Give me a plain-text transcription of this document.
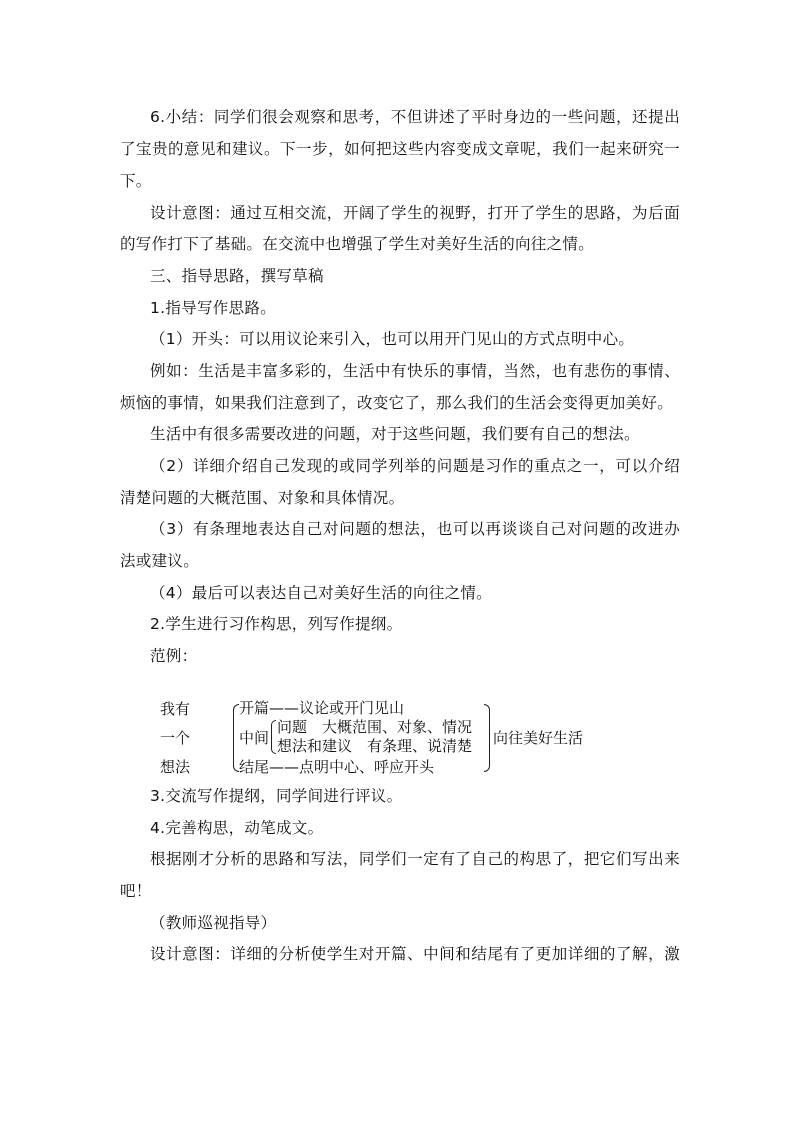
6.小结：同学们很会观察和思考，不但讲述了平时身边的一些问题，还提出
了宝贵的意见和建议。下一步，如何把这些内容变成文章呢，我们一起来研究一
下。
设计意图：通过互相交流，开阔了学生的视野，打开了学生的思路，为后面
的写作打下了基础。在交流中也增强了学生对美好生活的向往之情。
三、指导思路，撰写草稿
1.指导写作思路。
（1）开头：可以用议论来引入，也可以用开门见山的方式点明中心。
例如：生活是丰富多彩的，生活中有快乐的事情，当然，也有悲伤的事情、
烦恼的事情，如果我们注意到了，改变它了，那么我们的生活会变得更加美好。
生活中有很多需要改进的问题，对于这些问题，我们要有自己的想法。
（2）详细介绍自己发现的或同学列举的问题是习作的重点之一，可以介绍
清楚问题的大概范围、对象和具体情况。
（3）有条理地表达自己对问题的想法，也可以再谈谈自己对问题的改进办
法或建议。
（4）最后可以表达自己对美好生活的向往之情。
2.学生进行习作构思，列写作提纲。
范例：
我有
一个
想法
开篇——议论或开门见山
中间
问题　大概范围、对象、情况
想法和建议　有条理、说清楚
结尾——点明中心、呼应开头
向往美好生活
3.交流写作提纲，同学间进行评议。
4.完善构思，动笔成文。
根据刚才分析的思路和写法，同学们一定有了自己的构思了，把它们写出来
吧！
（教师巡视指导）
设计意图：详细的分析使学生对开篇、中间和结尾有了更加详细的了解，激
